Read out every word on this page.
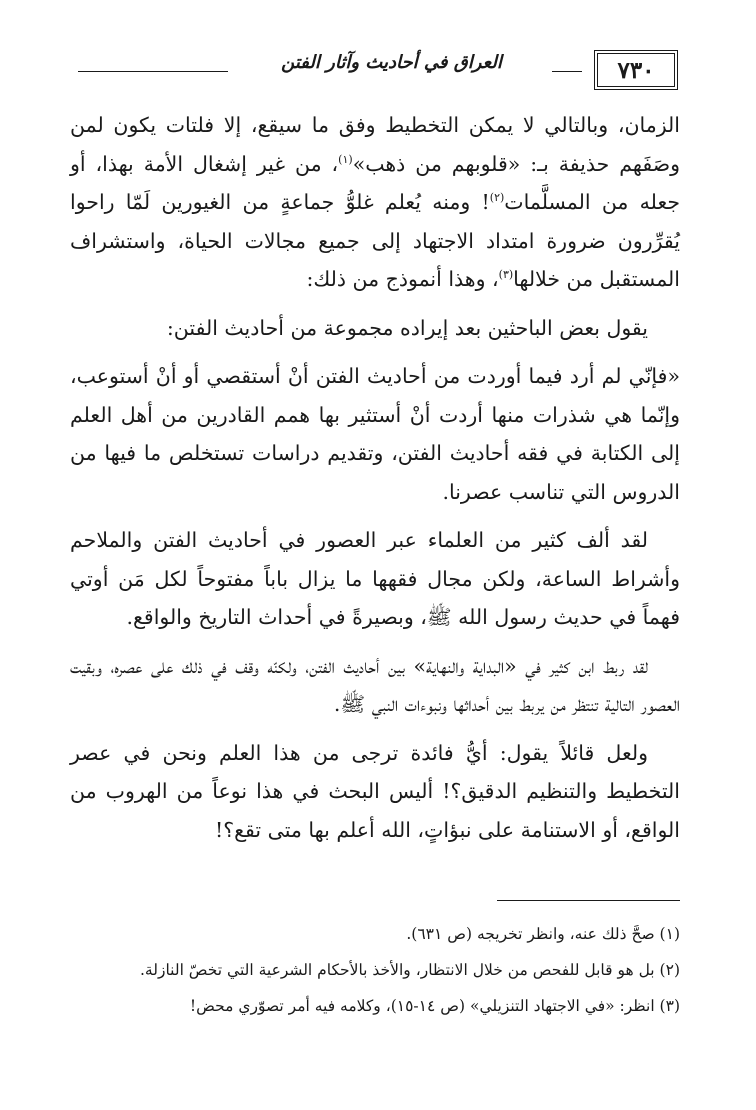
٧٣٠
العراق في أحاديث وآثار الفتن

الزمان، وبالتالي لا يمكن التخطيط وفق ما سيقع، إلا فلتات يكون لمن وصَفَهم حذيفة بـ: «قلوبهم من ذهب»$^{(١)}$، من غير إشغال الأمة بهذا، أو جعله من المسلَّمات$^{(٢)}$! ومنه يُعلم غلوُّ جماعةٍ من الغيورين لَمّا راحوا يُقرِّرون ضرورة امتداد الاجتهاد إلى جميع مجالات الحياة، واستشراف المستقبل من خلالها$^{(٣)}$، وهذا أنموذج من ذلك:

يقول بعض الباحثين بعد إيراده مجموعة من أحاديث الفتن:

«فإنّي لم أرد فيما أوردت من أحاديث الفتن أنْ أستقصي أو أنْ أستوعب، وإنّما هي شذرات منها أردت أنْ أستثير بها همم القادرين من أهل العلم إلى الكتابة في فقه أحاديث الفتن، وتقديم دراسات تستخلص ما فيها من الدروس التي تناسب عصرنا.

لقد ألف كثير من العلماء عبر العصور في أحاديث الفتن والملاحم وأشراط الساعة، ولكن مجال فقهها ما يزال باباً مفتوحاً لكل مَن أوتي فهماً في حديث رسول الله ﷺ، وبصيرةً في أحداث التاريخ والواقع.

لقد ربط ابن كثير في «البداية والنهاية» بين أحاديث الفتن، ولكنّه وقف في ذلك على عصره، وبقيت العصور التالية تنتظر من يربط بين أحداثها ونبوءات النبي ﷺ.

ولعل قائلاً يقول: أيُّ فائدة ترجى من هذا العلم ونحن في عصر التخطيط والتنظيم الدقيق؟! أليس البحث في هذا نوعاً من الهروب من الواقع، أو الاستنامة على نبؤاتٍ، الله أعلم بها متى تقع؟!

(١) صحَّ ذلك عنه، وانظر تخريجه (ص ٦٣١).

(٢) بل هو قابل للفحص من خلال الانتظار، والأخذ بالأحكام الشرعية التي تخصّ النازلة.

(٣) انظر: «في الاجتهاد التنزيلي» (ص ١٤-١٥)، وكلامه فيه أمر تصوّري محض!
